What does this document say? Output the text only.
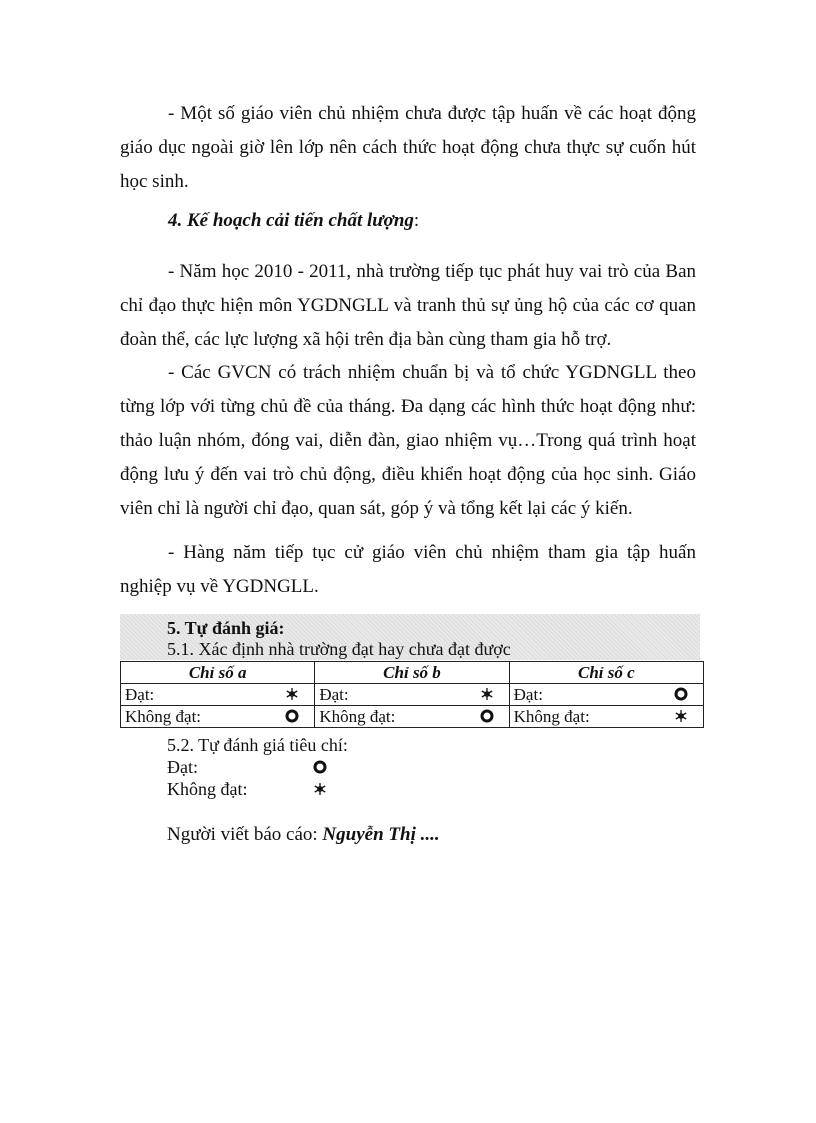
- Một số giáo viên chủ nhiệm chưa được tập huấn về các hoạt động giáo dục ngoài giờ lên lớp nên cách thức hoạt động chưa thực sự cuốn hút học sinh.
4. Kế hoạch cải tiến chất lượng:
- Năm học 2010 - 2011, nhà trường tiếp tục phát huy vai trò của Ban chỉ đạo thực hiện môn YGDNGLL và tranh thủ sự ủng hộ của các cơ quan đoàn thể, các lực lượng xã hội trên địa bàn cùng tham gia hỗ trợ.
- Các GVCN có trách nhiệm chuẩn bị và tổ chức YGDNGLL theo từng lớp với từng chủ đề của tháng. Đa dạng các hình thức hoạt động như: thảo luận nhóm, đóng vai, diễn đàn, giao nhiệm vụ…Trong quá trình hoạt động lưu ý đến vai trò chủ động, điều khiển hoạt động của học sinh. Giáo viên chỉ là người chỉ đạo, quan sát, góp ý và tổng kết lại các ý kiến.
- Hàng năm tiếp tục cử giáo viên chủ nhiệm tham gia tập huấn nghiệp vụ về YGDNGLL.
5. Tự đánh giá:
5.1. Xác định nhà trường đạt hay chưa đạt được
Chỉ số a	Chỉ số b	Chỉ số c
Đạt:	Đạt:	Đạt:

Không đạt:	Không đạt:	Không đạt:
5.2. Tự đánh giá tiêu chí:
Đạt:
Không đạt:
Người viết báo cáo: Nguyễn Thị ....
